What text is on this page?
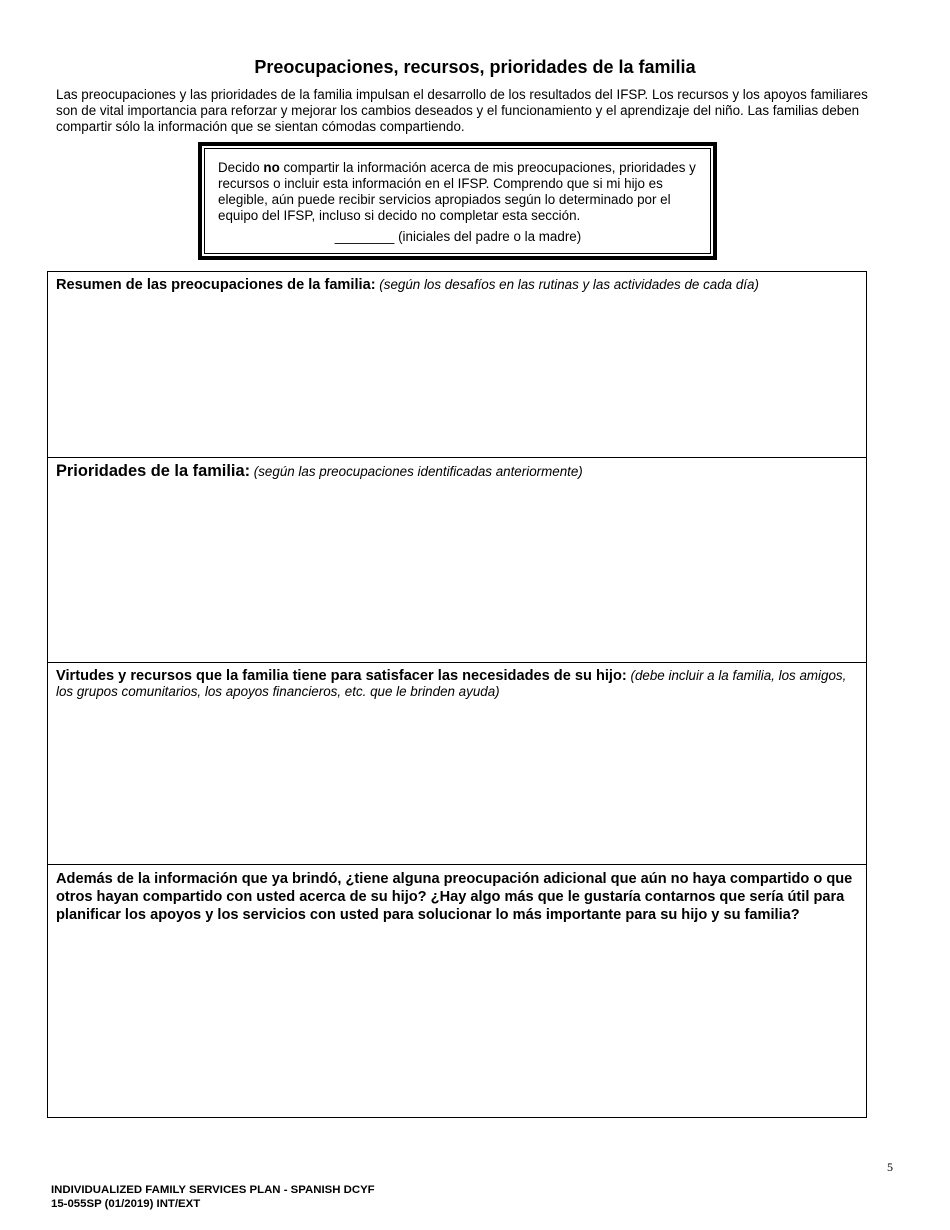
Preocupaciones, recursos, prioridades de la familia
Las preocupaciones y las prioridades de la familia impulsan el desarrollo de los resultados del IFSP. Los recursos y los apoyos familiares son de vital importancia para reforzar y mejorar los cambios deseados y el funcionamiento y el aprendizaje del niño. Las familias deben compartir sólo la información que se sientan cómodas compartiendo.
Decido no compartir la información acerca de mis preocupaciones, prioridades y recursos o incluir esta información en el IFSP. Comprendo que si mi hijo es elegible, aún puede recibir servicios apropiados según lo determinado por el equipo del IFSP, incluso si decido no completar esta sección.
________ (iniciales del padre o la madre)
Resumen de las preocupaciones de la familia: (según los desafíos en las rutinas y las actividades de cada día)
Prioridades de la familia: (según las preocupaciones identificadas anteriormente)
Virtudes y recursos que la familia tiene para satisfacer las necesidades de su hijo: (debe incluir a la familia, los amigos, los grupos comunitarios, los apoyos financieros, etc. que le brinden ayuda)
Además de la información que ya brindó, ¿tiene alguna preocupación adicional que aún no haya compartido o que otros hayan compartido con usted acerca de su hijo? ¿Hay algo más que le gustaría contarnos que sería útil para planificar los apoyos y los servicios con usted para solucionar lo más importante para su hijo y su familia?
5
INDIVIDUALIZED FAMILY SERVICES PLAN - SPANISH DCYF
15-055SP (01/2019) INT/EXT
